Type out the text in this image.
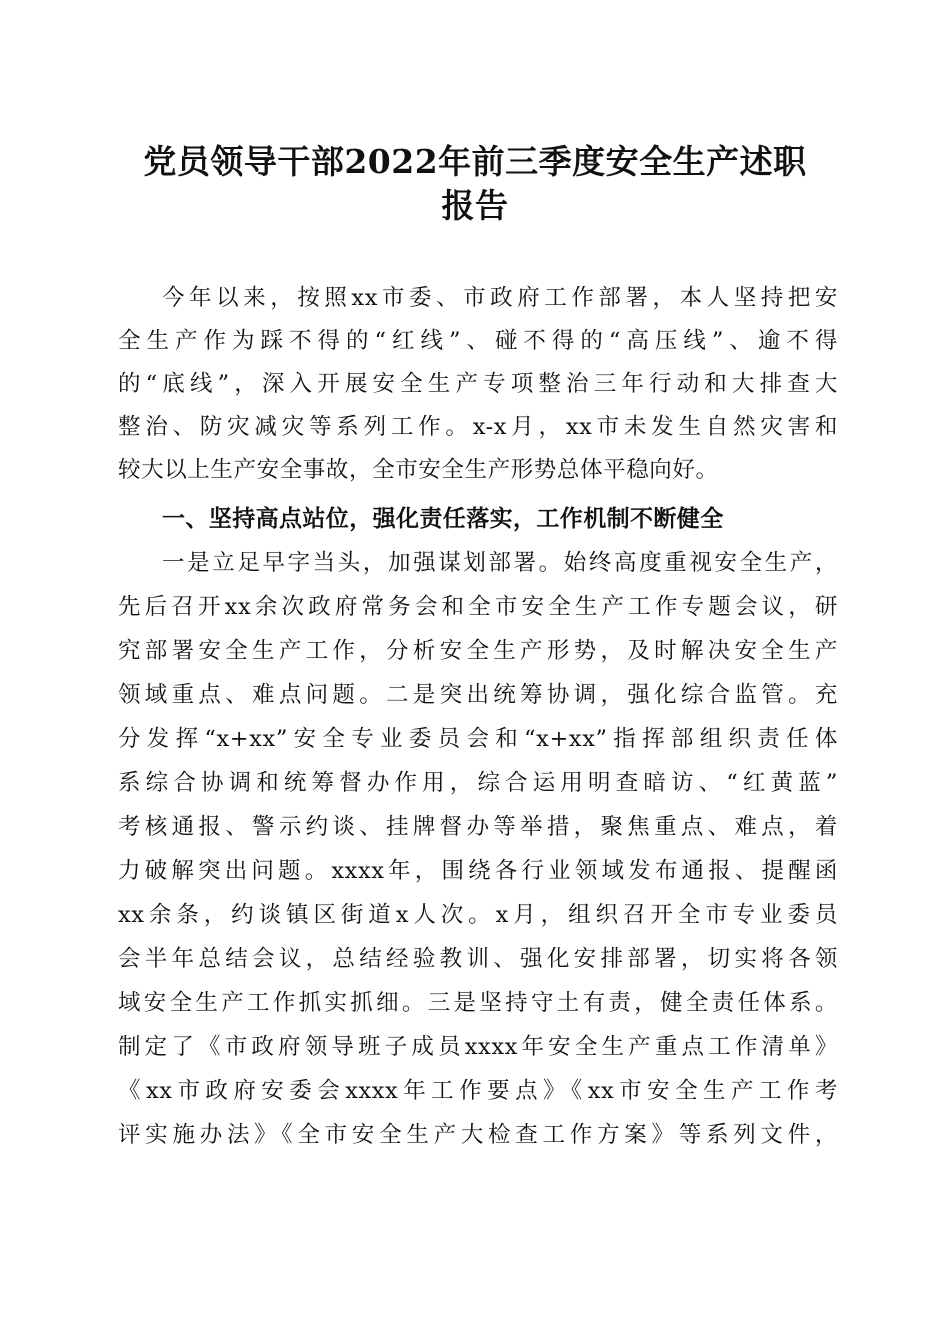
党员领导干部2022年前三季度安全生产述职
报告
今年以来，按照xx市委、市政府工作部署，本人坚持把安
全生产作为踩不得的“红线”、碰不得的“高压线”、逾不得
的“底线”，深入开展安全生产专项整治三年行动和大排查大
整治、防灾减灾等系列工作。x-x月，xx市未发生自然灾害和
较大以上生产安全事故，全市安全生产形势总体平稳向好。
一、坚持高点站位，强化责任落实，工作机制不断健全
一是立足早字当头，加强谋划部署。始终高度重视安全生产，
先后召开xx余次政府常务会和全市安全生产工作专题会议，研
究部署安全生产工作，分析安全生产形势，及时解决安全生产
领域重点、难点问题。二是突出统筹协调，强化综合监管。充
分发挥“x+xx”安全专业委员会和“x+xx”指挥部组织责任体
系综合协调和统筹督办作用，综合运用明查暗访、“红黄蓝”
考核通报、警示约谈、挂牌督办等举措，聚焦重点、难点，着
力破解突出问题。xxxx年，围绕各行业领域发布通报、提醒函
xx余条，约谈镇区街道x人次。x月，组织召开全市专业委员
会半年总结会议，总结经验教训、强化安排部署，切实将各领
域安全生产工作抓实抓细。三是坚持守土有责，健全责任体系。
制定了《市政府领导班子成员xxxx年安全生产重点工作清单》
《xx市政府安委会xxxx年工作要点》《xx市安全生产工作考
评实施办法》《全市安全生产大检查工作方案》等系列文件，
